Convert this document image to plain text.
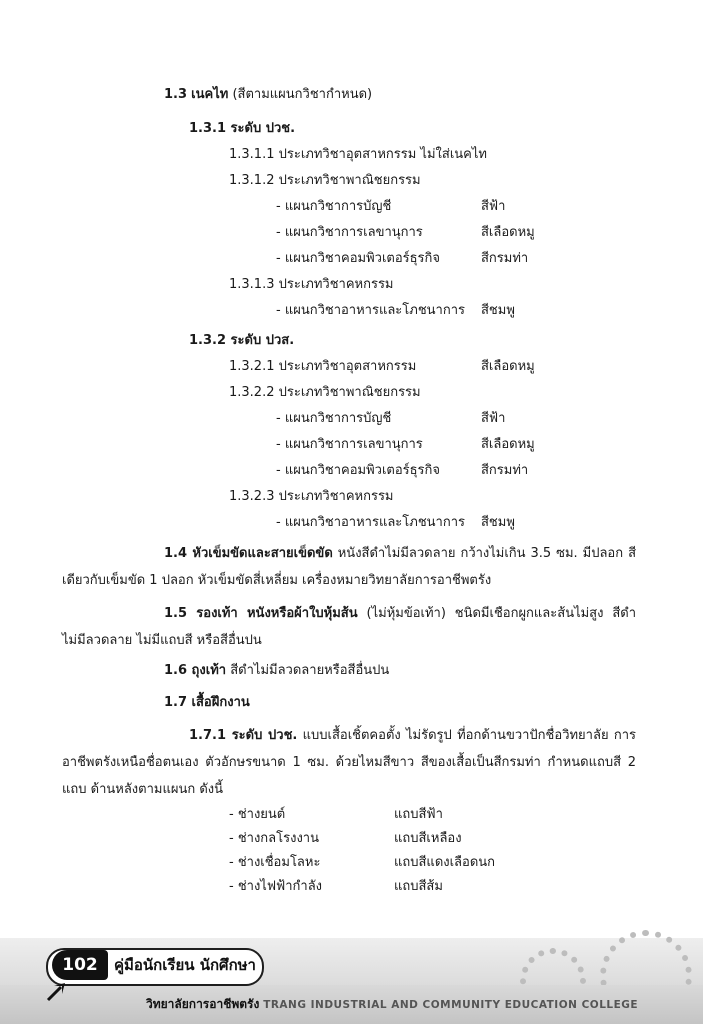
1.3 เนคไท (สีตามแผนกวิชากำหนด)
1.3.1 ระดับ ปวช.
1.3.1.1 ประเภทวิชาอุตสาหกรรม ไม่ใส่เนคไท
1.3.1.2 ประเภทวิชาพาณิชยกรรม
- แผนกวิชาการบัญชี	สีฟ้า
- แผนกวิชาการเลขานุการ	สีเลือดหมู
- แผนกวิชาคอมพิวเตอร์ธุรกิจ	สีกรมท่า
1.3.1.3 ประเภทวิชาคหกรรม
- แผนกวิชาอาหารและโภชนาการ สีชมพู
1.3.2 ระดับ ปวส.
1.3.2.1 ประเภทวิชาอุตสาหกรรม	สีเลือดหมู
1.3.2.2 ประเภทวิชาพาณิชยกรรม
- แผนกวิชาการบัญชี	สีฟ้า
- แผนกวิชาการเลขานุการ	สีเลือดหมู
- แผนกวิชาคอมพิวเตอร์ธุรกิจ	สีกรมท่า
1.3.2.3 ประเภทวิชาคหกรรม
- แผนกวิชาอาหารและโภชนาการ สีชมพู
1.4 หัวเข็มขัดและสายเข็ดขัด หนังสีดำไม่มีลวดลาย กว้างไม่เกิน 3.5 ซม. มีปลอก สีเดียวกับเข็มขัด 1 ปลอก หัวเข็มขัดสี่เหลี่ยม เครื่องหมายวิทยาลัยการอาชีพตรัง
1.5 รองเท้า หนังหรือผ้าใบหุ้มส้น (ไม่หุ้มข้อเท้า) ชนิดมีเชือกผูกและส้นไม่สูง สีดำ ไม่มีลวดลาย ไม่มีแถบสี หรือสีอื่นปน
1.6 ถุงเท้า สีดำไม่มีลวดลายหรือสีอื่นปน
1.7 เสื้อฝึกงาน
1.7.1 ระดับ ปวช. แบบเสื้อเชิ้ตคอตั้ง ไม่รัดรูป ที่อกด้านขวาปักชื่อวิทยาลัย การอาชีพตรังเหนือชื่อตนเอง ตัวอักษรขนาด 1 ซม. ด้วยไหมสีขาว สีของเสื้อเป็นสีกรมท่า กำหนดแถบสี 2 แถบ ด้านหลังตามแผนก ดังนี้
- ช่างยนต์	แถบสีฟ้า
- ช่างกลโรงงาน	แถบสีเหลือง
- ช่างเชื่อมโลหะ	แถบสีแดงเลือดนก
- ช่างไฟฟ้ากำลัง	แถบสีส้ม
102	คู่มือนักเรียน นักศึกษา
วิทยาลัยการอาชีพตรัง TRANG INDUSTRIAL AND COMMUNITY EDUCATION COLLEGE
